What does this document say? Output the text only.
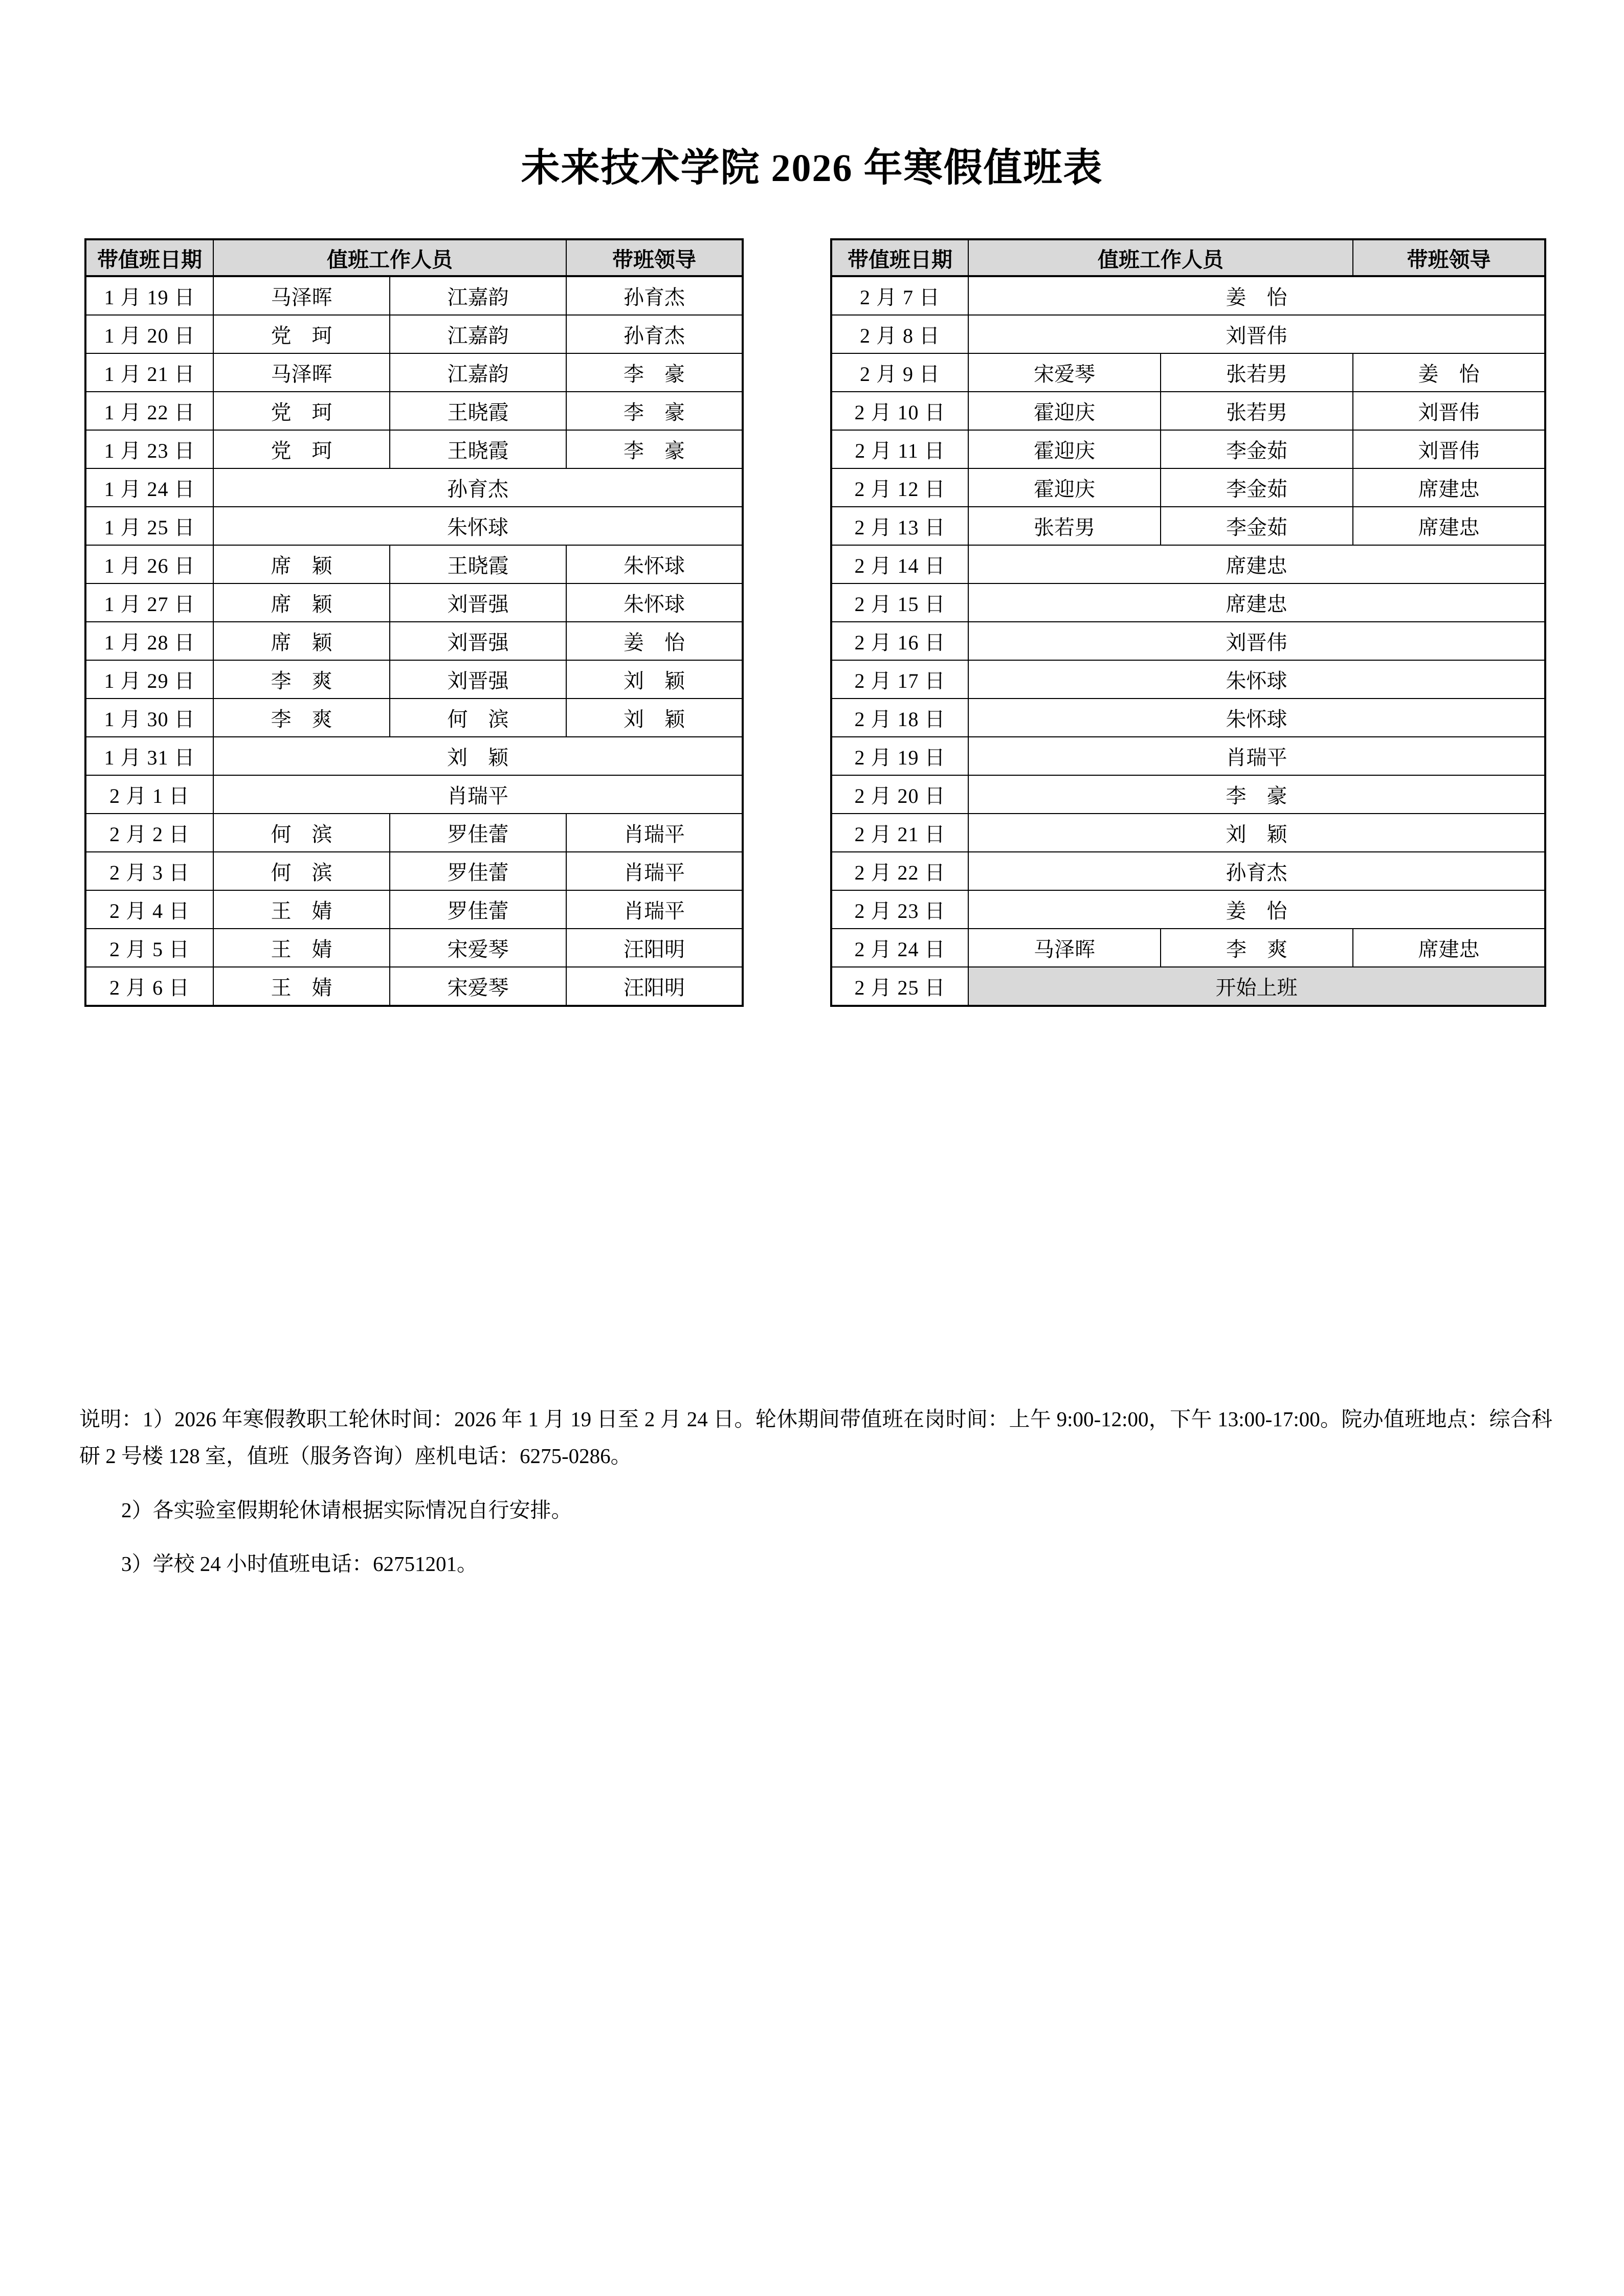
未来技术学院 2026 年寒假值班表
带值班日期	值班工作人员		带班领导
1 月 19 日	马泽晖	江嘉韵	孙育杰
1 月 20 日	党　珂	江嘉韵	孙育杰
1 月 21 日	马泽晖	江嘉韵	李　豪
1 月 22 日	党　珂	王晓霞	李　豪
1 月 23 日	党　珂	王晓霞	李　豪
1 月 24 日	孙育杰		
1 月 25 日	朱怀球		
1 月 26 日	席　颖	王晓霞	朱怀球
1 月 27 日	席　颖	刘晋强	朱怀球
1 月 28 日	席　颖	刘晋强	姜　怡
1 月 29 日	李　爽	刘晋强	刘　颖
1 月 30 日	李　爽	何　滨	刘　颖
1 月 31 日	刘　颖		
2 月 1 日	肖瑞平		
2 月 2 日	何　滨	罗佳蕾	肖瑞平
2 月 3 日	何　滨	罗佳蕾	肖瑞平
2 月 4 日	王　婧	罗佳蕾	肖瑞平
2 月 5 日	王　婧	宋爱琴	汪阳明
2 月 6 日	王　婧	宋爱琴	汪阳明
带值班日期	值班工作人员		带班领导
2 月 7 日	姜　怡		
2 月 8 日	刘晋伟		
2 月 9 日	宋爱琴	张若男	姜　怡
2 月 10 日	霍迎庆	张若男	刘晋伟
2 月 11 日	霍迎庆	李金茹	刘晋伟
2 月 12 日	霍迎庆	李金茹	席建忠
2 月 13 日	张若男	李金茹	席建忠
2 月 14 日	席建忠		
2 月 15 日	席建忠		
2 月 16 日	刘晋伟		
2 月 17 日	朱怀球		
2 月 18 日	朱怀球		
2 月 19 日	肖瑞平		
2 月 20 日	李　豪		
2 月 21 日	刘　颖		
2 月 22 日	孙育杰		
2 月 23 日	姜　怡		
2 月 24 日	马泽晖	李　爽	席建忠
2 月 25 日	开始上班		

说明：1）2026 年寒假教职工轮休时间：2026 年 1 月 19 日至 2 月 24 日。轮休期间带值班在岗时间：上午 9:00-12:00，下午 13:00-17:00。院办值班地点：综合科研 2 号楼 128 室，值班（服务咨询）座机电话：6275-0286。

2）各实验室假期轮休请根据实际情况自行安排。

3）学校 24 小时值班电话：62751201。
